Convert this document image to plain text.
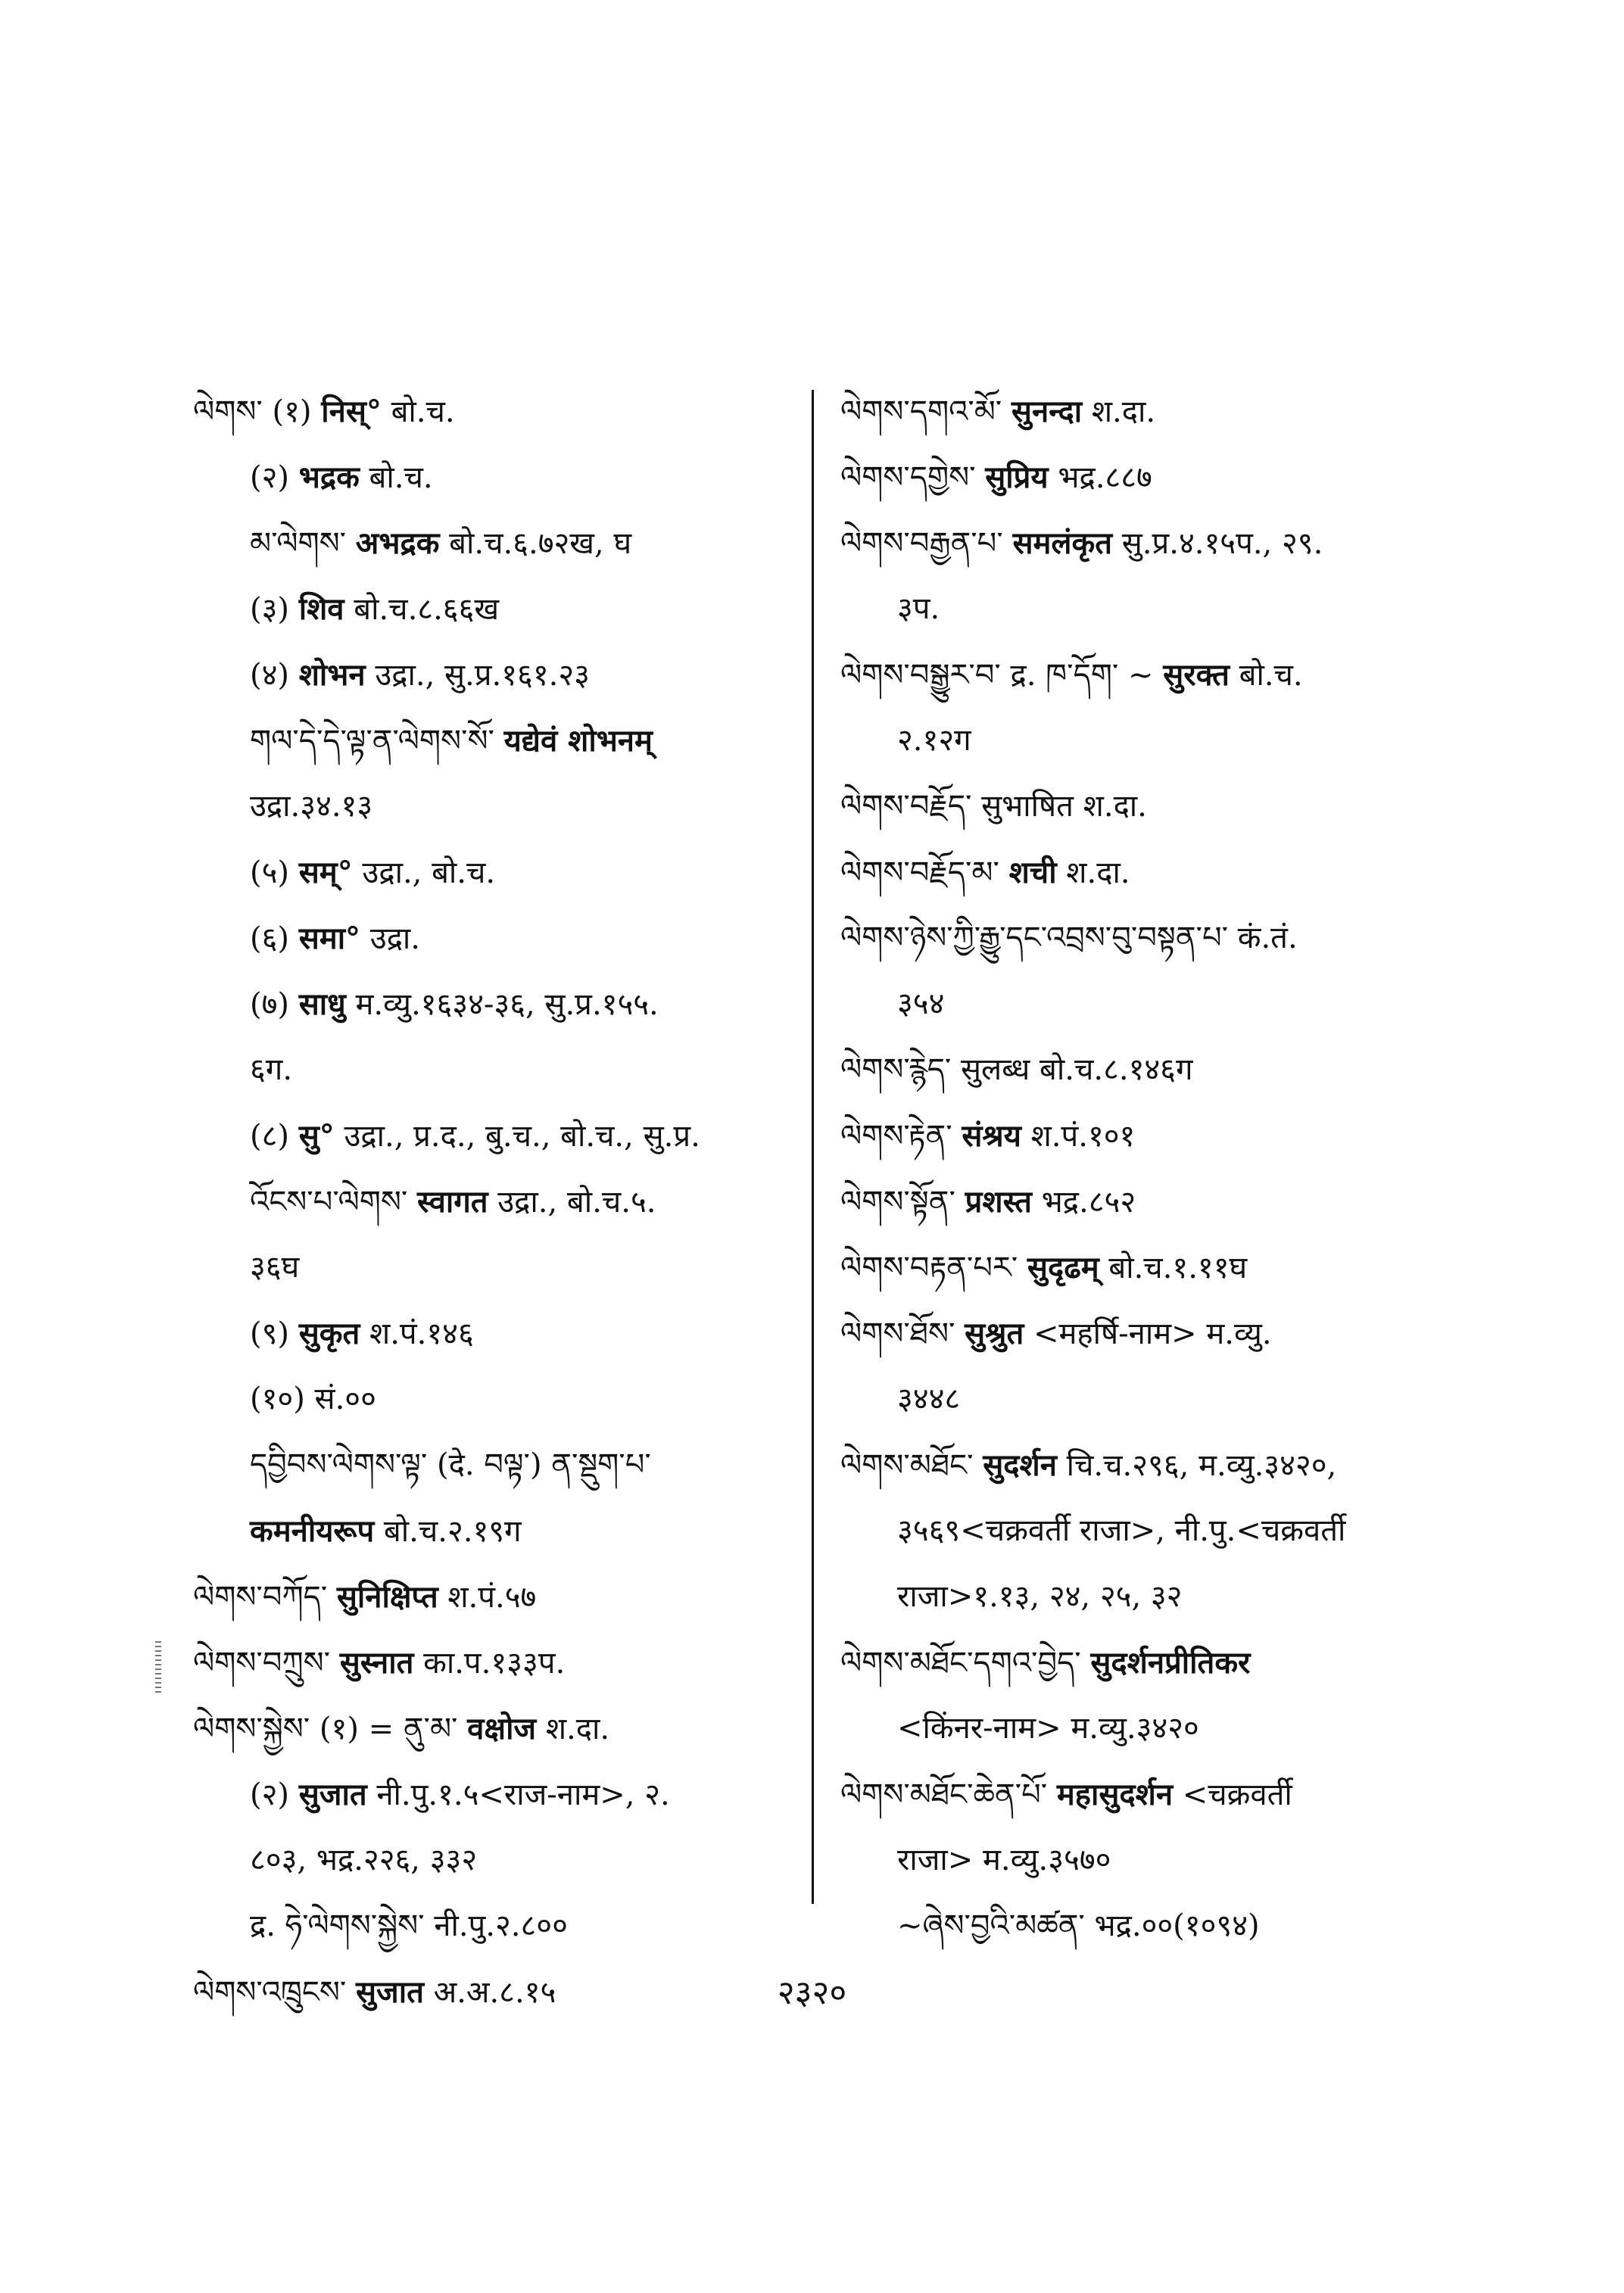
ལེགས་ (१) निस्° बो.च.
(२) भद्रक बो.च.
མ་ལེགས་ अभद्रक बो.च.६.७२ख, घ
(३) शिव बो.च.८.६६ख
(४) शोभन उद्रा., सु.प्र.१६१.२३
གལ་དེ་དེ་ལྟ་ན་ལེགས་སོ་ यद्येवं शोभनम्
उद्रा.३४.१३
(५) सम्° उद्रा., बो.च.
(६) समा° उद्रा.
(७) साधु म.व्यु.१६३४-३६, सु.प्र.१५५.
६ग.
(८) सु° उद्रा., प्र.द., बु.च., बो.च., सु.प्र.
འོངས་པ་ལེགས་ स्वागत उद्रा., बो.च.५.
३६घ
(९) सुकृत श.पं.१४६
(१०) सं.००
དབྱིབས་ལེགས་ལྟ་ (दे. བལྟ་) ན་སྡུག་པ་
कमनीयरूप बो.च.२.१९ग
ལེགས་བཀོད་ सुनिक्षिप्त श.पं.५७
ལེགས་བཀྲུས་ सुस्नात का.प.१३३प.
ལེགས་སྐྱེས་ (१) = ནུ་མ་ वक्षोज श.दा.
(२) सुजात नी.पु.१.५<राज-नाम>, २.
८०३, भद्र.२२६, ३३२
द्र. ཧེ་ལེགས་སྐྱེས་ नी.पु.२.८००
ལེགས་འཁྲུངས་ सुजात अ.अ.८.१५
ལེགས་དགའ་མོ་ सुनन्दा श.दा.
ལེགས་དགྱེས་ सुप्रिय भद्र.८८७
ལེགས་བརྒྱན་པ་ समलंकृत सु.प्र.४.१५प., २९.
३प.
ལེགས་བསྒྱུར་བ་ द्र. ཁ་དོག་ ~ सुरक्त बो.च.
२.१२ग
ལེགས་བརྗོད་ सुभाषित श.दा.
ལེགས་བརྗོད་མ་ शची श.दा.
ལེགས་ཉེས་ཀྱི་རྒྱུ་དང་འབྲས་བུ་བསྟན་པ་ कं.तं.
३५४
ལེགས་རྙེད་ सुलब्ध बो.च.८.१४६ग
ལེགས་རྟེན་ संश्रय श.पं.१०१
ལེགས་སྟོན་ प्रशस्त भद्र.८५२
ལེགས་བརྟན་པར་ सुदृढम् बो.च.१.११घ
ལེགས་ཐོས་ सुश्रुत <महर्षि-नाम> म.व्यु.
३४४८
ལེགས་མཐོང་ सुदर्शन चि.च.२९६, म.व्यु.३४२०,
३५६९<चक्रवर्ती राजा>, नी.पु.<चक्रवर्ती
राजा>१.१३, २४, २५, ३२
ལེགས་མཐོང་དགའ་བྱེད་ सुदर्शनप्रीतिकर
<किंनर-नाम> म.व्यु.३४२०
ལེགས་མཐོང་ཆེན་པོ་ महासुदर्शन <चक्रवर्ती
राजा> म.व्यु.३५७०
~ཞེས་བྱའི་མཚན་ भद्र.००(१०९४)
२३२०
